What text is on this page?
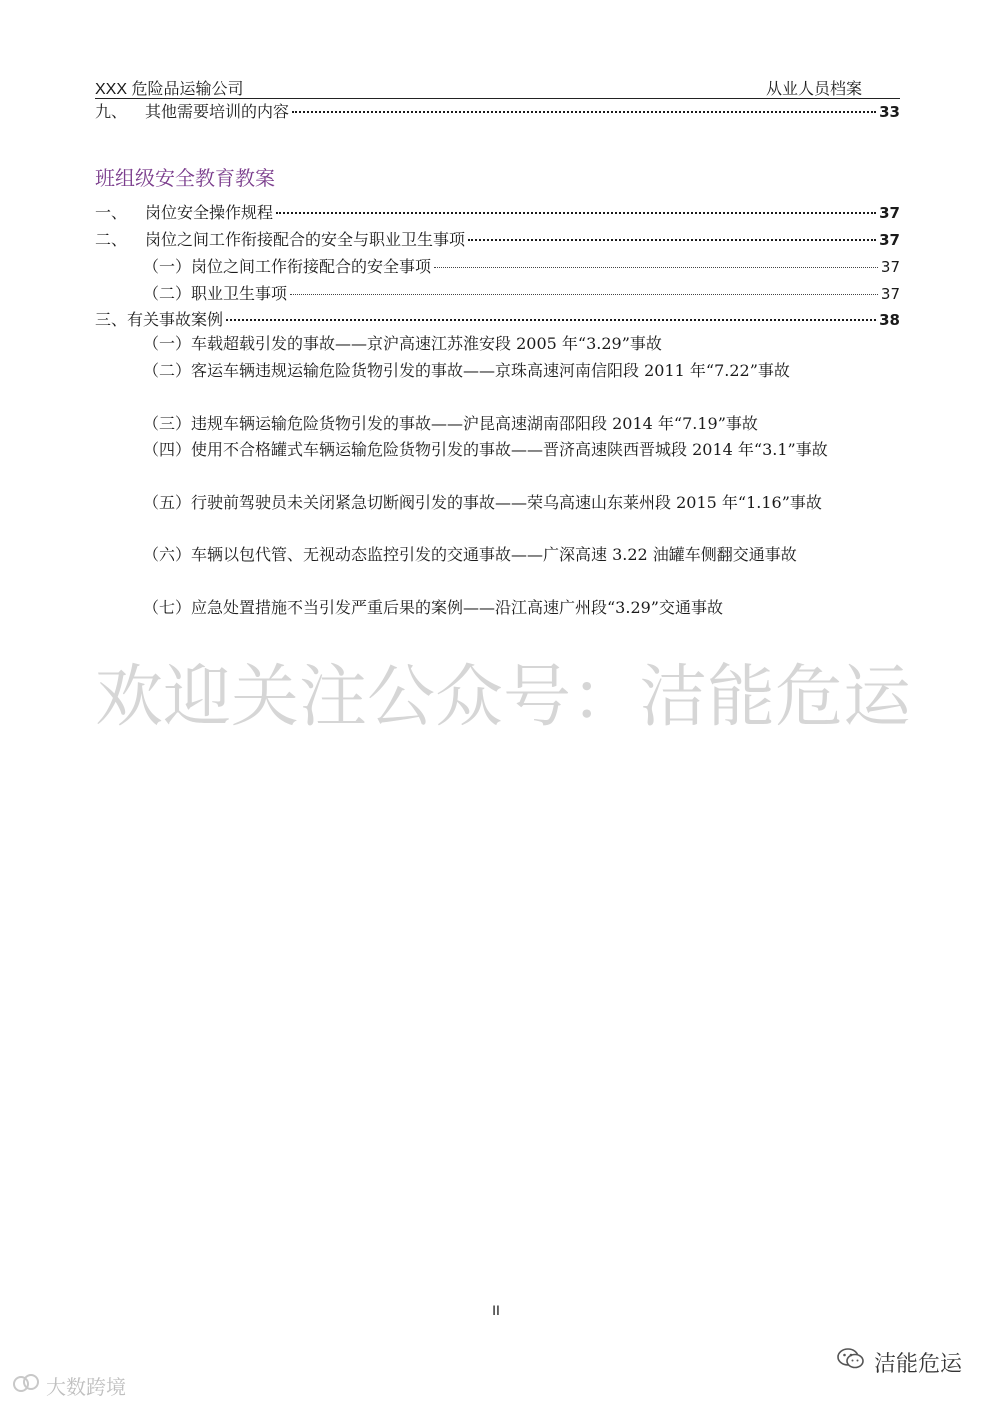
XXX 危险品运输公司	从业人员档案
九、	其他需要培训的内容	33
班组级安全教育教案
一、	岗位安全操作规程	37
二、	岗位之间工作衔接配合的安全与职业卫生事项	37
（一）岗位之间工作衔接配合的安全事项	37
（二）职业卫生事项	37
三、有关事故案例	38
（一）车载超载引发的事故——京沪高速江苏淮安段 2005 年“3.29”事故
（二）客运车辆违规运输危险货物引发的事故——京珠高速河南信阳段 2011 年“7.22”事故
（三）违规车辆运输危险货物引发的事故——沪昆高速湖南邵阳段 2014 年“7.19”事故
（四）使用不合格罐式车辆运输危险货物引发的事故——晋济高速陕西晋城段 2014 年“3.1”事故
（五）行驶前驾驶员未关闭紧急切断阀引发的事故——荣乌高速山东莱州段 2015 年“1.16”事故
（六）车辆以包代管、无视动态监控引发的交通事故——广深高速 3.22 油罐车侧翻交通事故
（七）应急处置措施不当引发严重后果的案例——沿江高速广州段“3.29”交通事故
欢迎关注公众号：洁能危运
II
大数跨境
洁能危运
